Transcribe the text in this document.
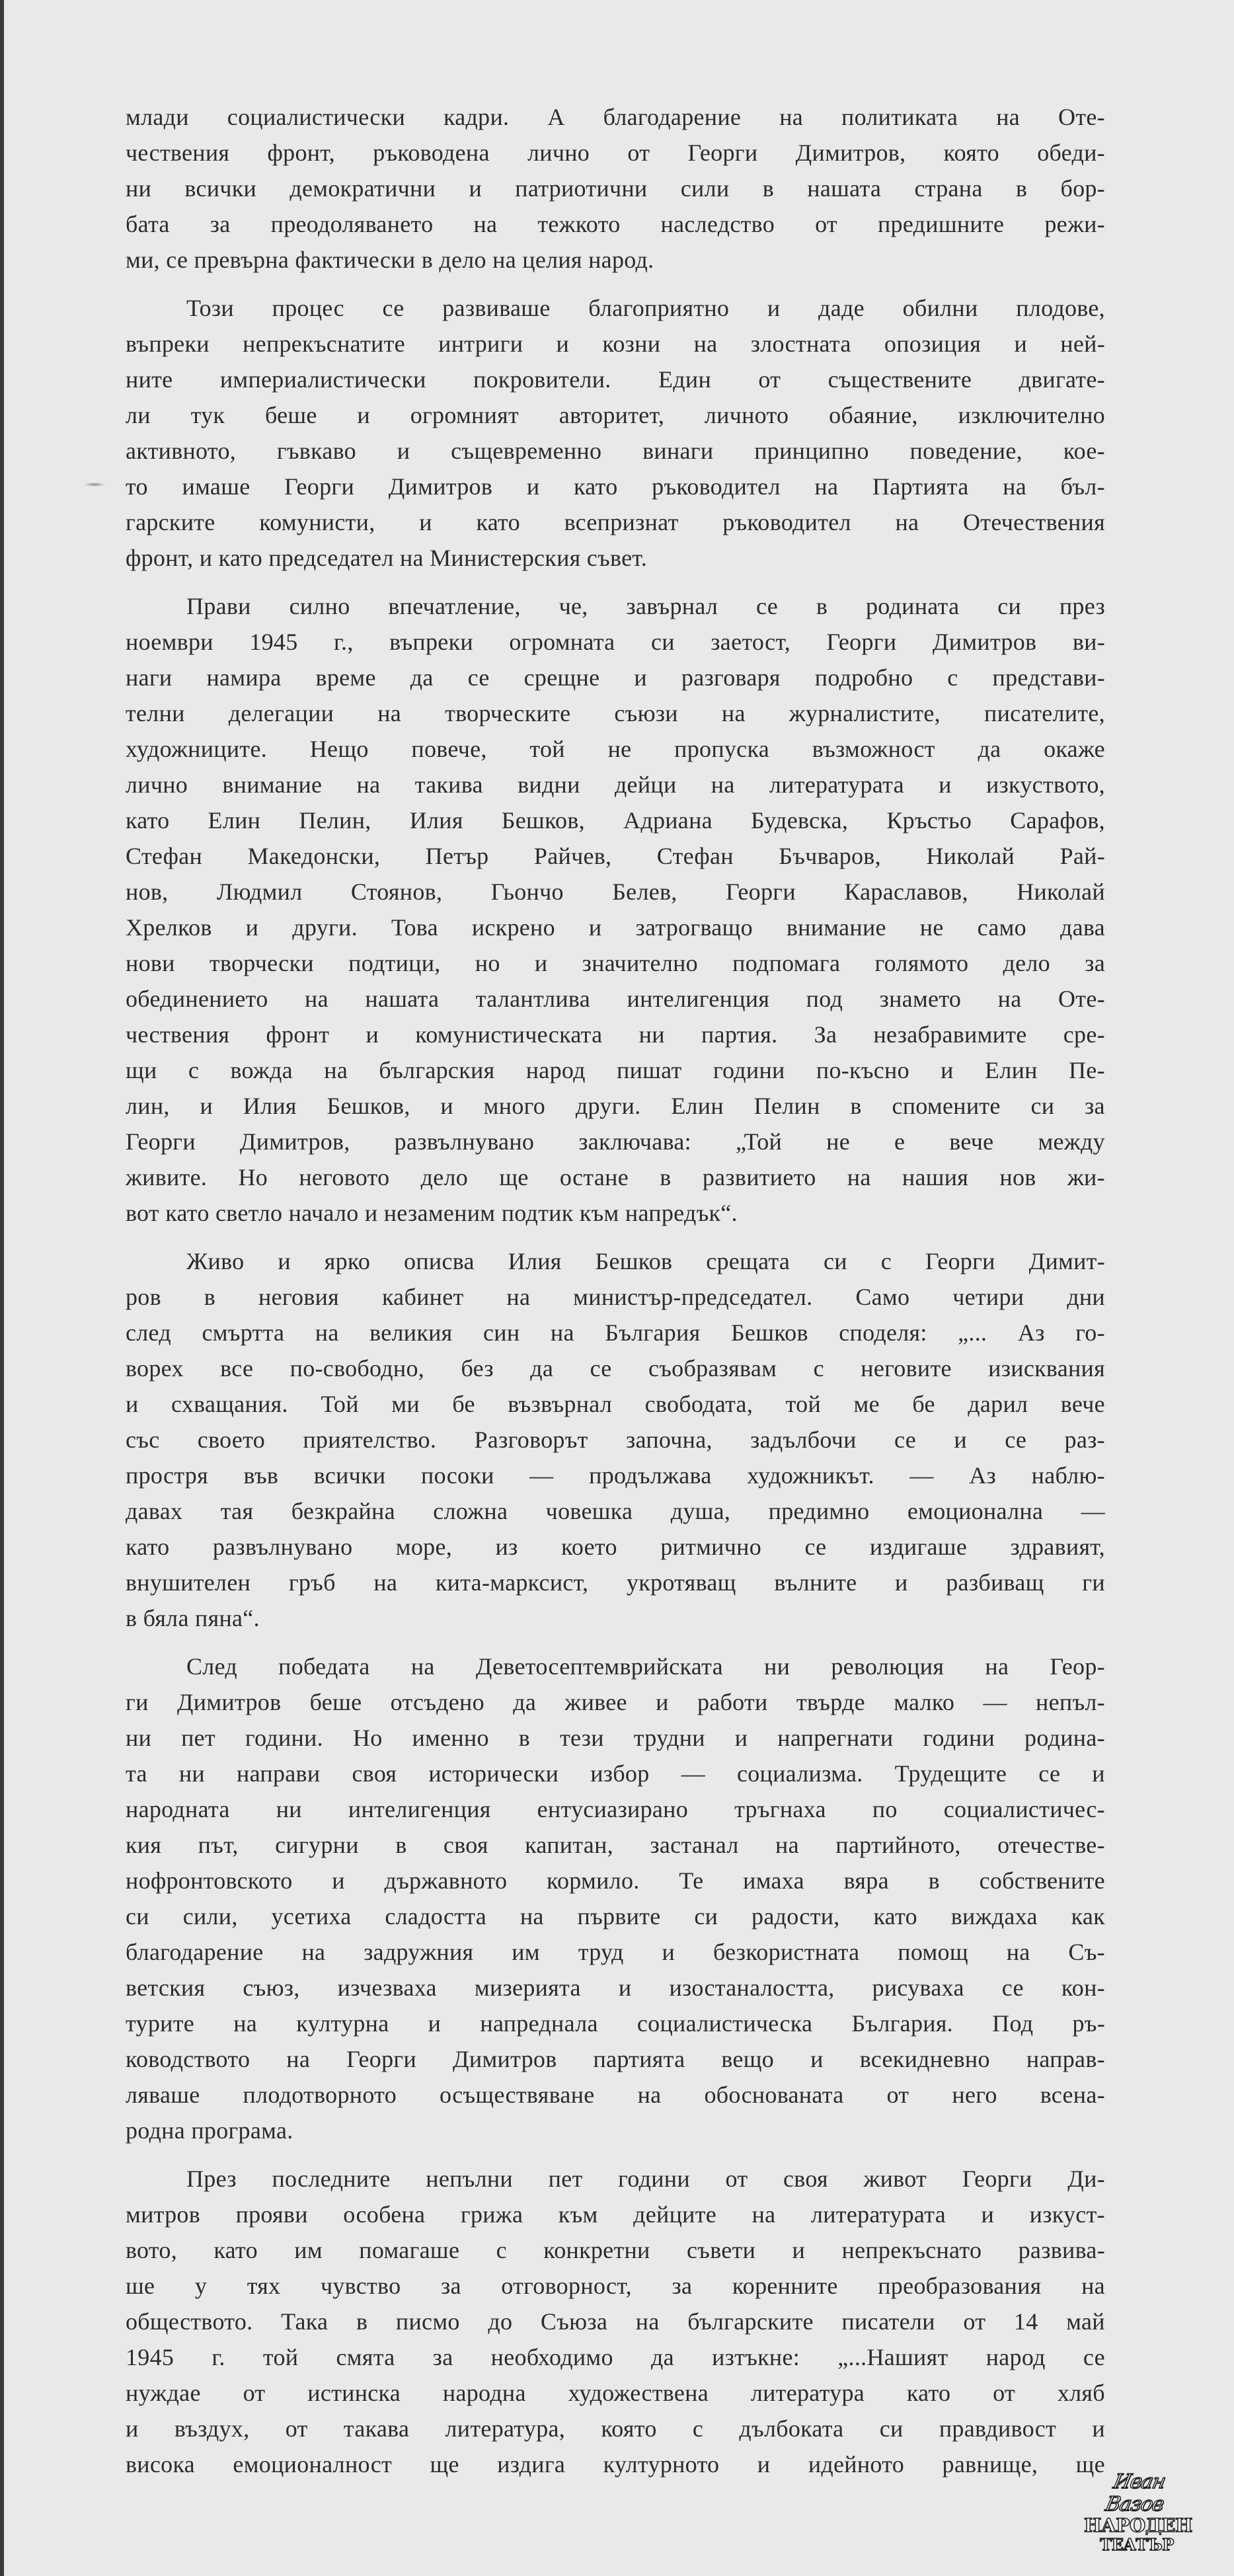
млади социалистически кадри. А благодарение на политиката на Оте-
чествения фронт, ръководена лично от Георги Димитров, която обеди-
ни всички демократични и патриотични сили в нашата страна в бор-
бата за преодоляването на тежкото наследство от предишните режи-
ми, се превърна фактически в дело на целия народ.
Този процес се развиваше благоприятно и даде обилни плодове,
въпреки непрекъснатите интриги и козни на злостната опозиция и ней-
ните империалистически покровители. Един от съществените двигате-
ли тук беше и огромният авторитет, личното обаяние, изключително
активното, гъвкаво и същевременно винаги принципно поведение, кое-
то имаше Георги Димитров и като ръководител на Партията на бъл-
гарските комунисти, и като всепризнат ръководител на Отечествения
фронт, и като председател на Министерския съвет.
Прави силно впечатление, че, завърнал се в родината си през
ноември 1945 г., въпреки огромната си заетост, Георги Димитров ви-
наги намира време да се срещне и разговаря подробно с представи-
телни делегации на творческите съюзи на журналистите, писателите,
художниците. Нещо повече, той не пропуска възможност да окаже
лично внимание на такива видни дейци на литературата и изкуството,
като Елин Пелин, Илия Бешков, Адриана Будевска, Кръстьо Сарафов,
Стефан Македонски, Петър Райчев, Стефан Бъчваров, Николай Рай-
нов, Людмил Стоянов, Гьончо Белев, Георги Караславов, Николай
Хрелков и други. Това искрено и затрогващо внимание не само дава
нови творчески подтици, но и значително подпомага голямото дело за
обединението на нашата талантлива интелигенция под знамето на Оте-
чествения фронт и комунистическата ни партия. За незабравимите сре-
щи с вожда на българския народ пишат години по-късно и Елин Пе-
лин, и Илия Бешков, и много други. Елин Пелин в спомените си за
Георги Димитров, развълнувано заключава: „Той не е вече между
живите. Но неговото дело ще остане в развитието на нашия нов жи-
вот като светло начало и незаменим подтик към напредък“.
Живо и ярко описва Илия Бешков срещата си с Георги Димит-
ров в неговия кабинет на министър-председател. Само четири дни
след смъртта на великия син на България Бешков споделя: „... Аз го-
ворех все по-свободно, без да се съобразявам с неговите изисквания
и схващания. Той ми бе възвърнал свободата, той ме бе дарил вече
със своето приятелство. Разговорът започна, задълбочи се и се раз-
простря във всички посоки — продължава художникът. — Аз наблю-
давах тая безкрайна сложна човешка душа, предимно емоционална —
като развълнувано море, из което ритмично се издигаше здравият,
внушителен гръб на кита-марксист, укротяващ вълните и разбиващ ги
в бяла пяна“.
След победата на Деветосептемврийската ни революция на Геор-
ги Димитров беше отсъдено да живее и работи твърде малко — непъл-
ни пет години. Но именно в тези трудни и напрегнати години родина-
та ни направи своя исторически избор — социализма. Трудещите се и
народната ни интелигенция ентусиазирано тръгнаха по социалистичес-
кия път, сигурни в своя капитан, застанал на партийното, отечестве-
нофронтовското и държавното кормило. Те имаха вяра в собствените
си сили, усетиха сладостта на първите си радости, като виждаха как
благодарение на задружния им труд и безкористната помощ на Съ-
ветския съюз, изчезваха мизерията и изостаналостта, рисуваха се кон-
турите на културна и напреднала социалистическа България. Под ръ-
ководството на Георги Димитров партията вещо и всекидневно направ-
ляваше плодотворното осъществяване на обоснованата от него всена-
родна програма.
През последните непълни пет години от своя живот Георги Ди-
митров прояви особена грижа към дейците на литературата и изкуст-
вото, като им помагаше с конкретни съвети и непрекъснато развива-
ше у тях чувство за отговорност, за коренните преобразования на
обществото. Така в писмо до Съюза на българските писатели от 14 май
1945 г. той смята за необходимо да изтъкне: „...Нашият народ се
нуждае от истинска народна художествена литература като от хляб
и въздух, от такава литература, която с дълбоката си правдивост и
висока емоционалност ще издига културното и идейното равнище, ще
Иван Вазов
НАРОДЕН
ТЕАТЪР
